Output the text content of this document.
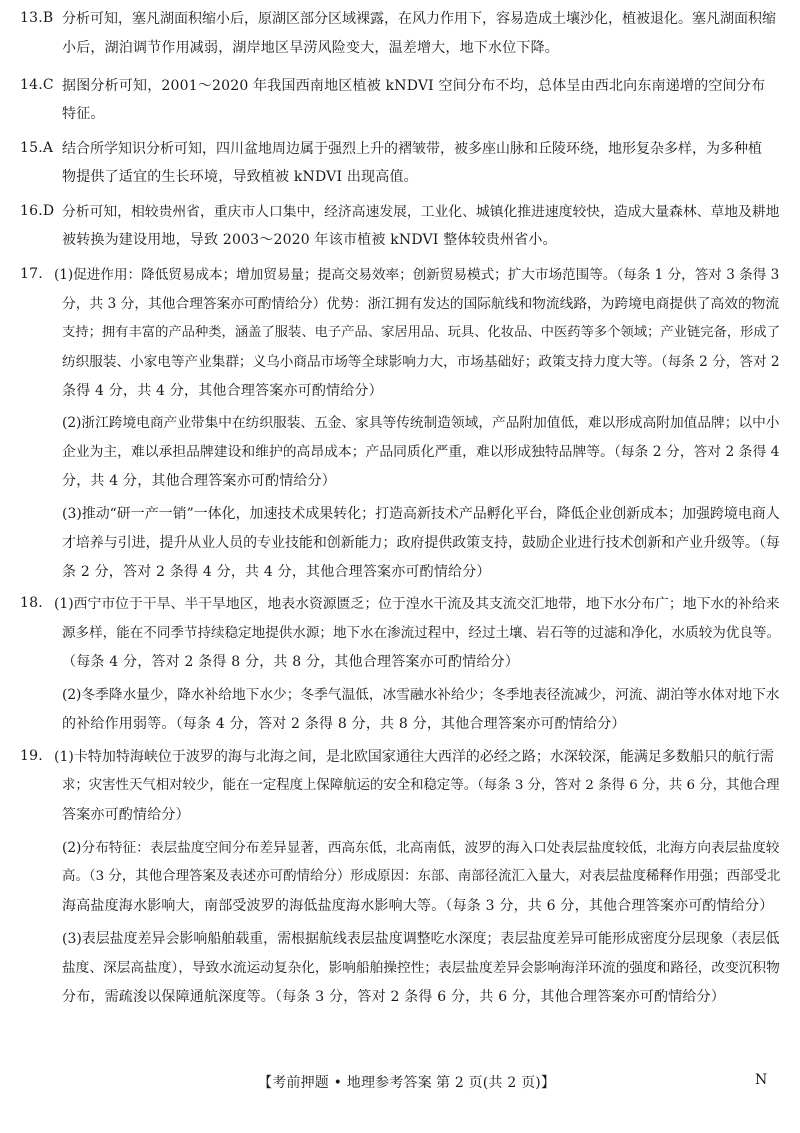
13.B 分析可知，塞凡湖面积缩小后，原湖区部分区域裸露，在风力作用下，容易造成土壤沙化，植被退化。塞凡湖面积缩
小后，湖泊调节作用减弱，湖岸地区旱涝风险变大，温差增大，地下水位下降。
14.C 据图分析可知，2001～2020 年我国西南地区植被 kNDVI 空间分布不均，总体呈由西北向东南递增的空间分布
特征。
15.A 结合所学知识分析可知，四川盆地周边属于强烈上升的褶皱带，被多座山脉和丘陵环绕，地形复杂多样，为多种植
物提供了适宜的生长环境，导致植被 kNDVI 出现高值。
16.D 分析可知，相较贵州省，重庆市人口集中，经济高速发展，工业化、城镇化推进速度较快，造成大量森林、草地及耕地
被转换为建设用地，导致 2003～2020 年该市植被 kNDVI 整体较贵州省小。
17. (1)促进作用：降低贸易成本；增加贸易量；提高交易效率；创新贸易模式；扩大市场范围等。（每条 1 分，答对 3 条得 3
分，共 3 分，其他合理答案亦可酌情给分）优势：浙江拥有发达的国际航线和物流线路，为跨境电商提供了高效的物流
支持；拥有丰富的产品种类，涵盖了服装、电子产品、家居用品、玩具、化妆品、中医药等多个领域；产业链完备，形成了
纺织服装、小家电等产业集群；义乌小商品市场等全球影响力大，市场基础好；政策支持力度大等。（每条 2 分，答对 2
条得 4 分，共 4 分，其他合理答案亦可酌情给分）
(2)浙江跨境电商产业带集中在纺织服装、五金、家具等传统制造领域，产品附加值低，难以形成高附加值品牌；以中小
企业为主，难以承担品牌建设和维护的高昂成本；产品同质化严重，难以形成独特品牌等。（每条 2 分，答对 2 条得 4
分，共 4 分，其他合理答案亦可酌情给分）
(3)推动“研一产一销”一体化，加速技术成果转化；打造高新技术产品孵化平台，降低企业创新成本；加强跨境电商人
才培养与引进，提升从业人员的专业技能和创新能力；政府提供政策支持，鼓励企业进行技术创新和产业升级等。（每
条 2 分，答对 2 条得 4 分，共 4 分，其他合理答案亦可酌情给分）
18. (1)西宁市位于干旱、半干旱地区，地表水资源匮乏；位于湟水干流及其支流交汇地带，地下水分布广；地下水的补给来
源多样，能在不同季节持续稳定地提供水源；地下水在渗流过程中，经过土壤、岩石等的过滤和净化，水质较为优良等。
（每条 4 分，答对 2 条得 8 分，共 8 分，其他合理答案亦可酌情给分）
(2)冬季降水量少，降水补给地下水少；冬季气温低，冰雪融水补给少；冬季地表径流减少，河流、湖泊等水体对地下水
的补给作用弱等。（每条 4 分，答对 2 条得 8 分，共 8 分，其他合理答案亦可酌情给分）
19. (1)卡特加特海峡位于波罗的海与北海之间，是北欧国家通往大西洋的必经之路；水深较深，能满足多数船只的航行需
求；灾害性天气相对较少，能在一定程度上保障航运的安全和稳定等。（每条 3 分，答对 2 条得 6 分，共 6 分，其他合理
答案亦可酌情给分）
(2)分布特征：表层盐度空间分布差异显著，西高东低，北高南低，波罗的海入口处表层盐度较低，北海方向表层盐度较
高。（3 分，其他合理答案及表述亦可酌情给分）形成原因：东部、南部径流汇入量大，对表层盐度稀释作用强；西部受北
海高盐度海水影响大，南部受波罗的海低盐度海水影响大等。（每条 3 分，共 6 分，其他合理答案亦可酌情给分）
(3)表层盐度差异会影响船舶载重，需根据航线表层盐度调整吃水深度；表层盐度差异可能形成密度分层现象（表层低
盐度、深层高盐度），导致水流运动复杂化，影响船舶操控性；表层盐度差异会影响海洋环流的强度和路径，改变沉积物
分布，需疏浚以保障通航深度等。（每条 3 分，答对 2 条得 6 分，共 6 分，其他合理答案亦可酌情给分）
【考前押题 • 地理参考答案 第 2 页(共 2 页)】	N
